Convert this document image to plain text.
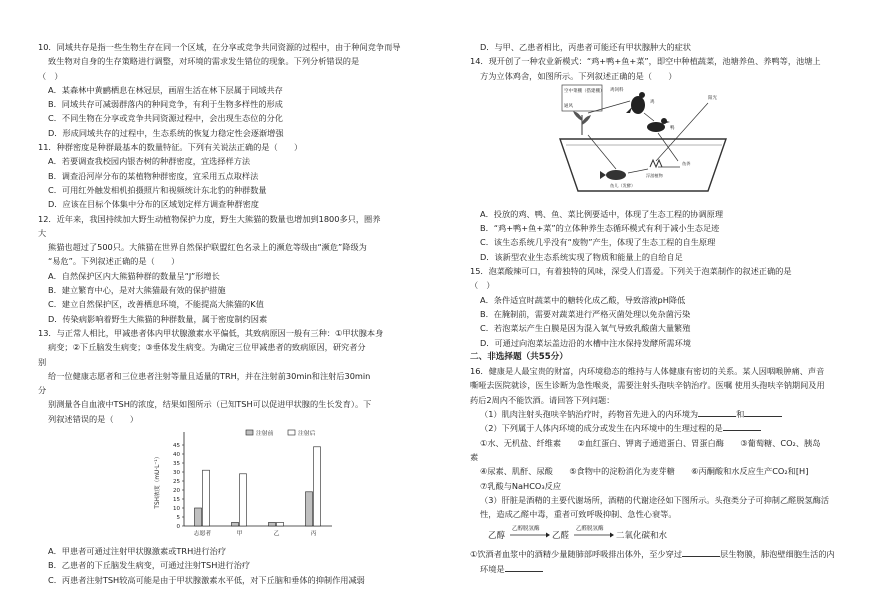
10．同域共存是指一些生物生存在同一个区域，在分享或竞争共同资源的过程中，由于种间竞争而导

致生物对自身的生存策略进行调整，对环境的需求发生错位的现象。下列分析错误的是

（　）

A．某森林中黄鹂栖息在林冠层，画眉生活在林下层属于同域共存

B．同域共存可减弱群落内的种间竞争，有利于生物多样性的形成

C．不同生物在分享或竞争共同资源过程中，会出现生态位的分化

D．形成同域共存的过程中，生态系统的恢复力稳定性会逐渐增强

11．种群密度是种群最基本的数量特征。下列有关说法正确的是（　　）

A．若要调查我校园内银杏树的种群密度，宜选择样方法

B．调查沿河岸分布的某植物种群密度，宜采用五点取样法

C．可用红外触发相机拍摄照片和视频统计东北豹的种群数量

D．应该在目标个体集中分布的区域划定样方调查种群密度

12．近年来，我国持续加大野生动植物保护力度，野生大熊猫的数量也增加到1800多只，圈养

大

熊猫也超过了500只。大熊猫在世界自然保护联盟红色名录上的濒危等级由“濒危”降级为

“易危”。下列叙述正确的是（　　）

A．自然保护区内大熊猫种群的数量呈“J”形增长

B．建立繁育中心，是对大熊猫最有效的保护措施

C．建立自然保护区，改善栖息环境，不能提高大熊猫的K值

D．传染病影响着野生大熊猫的种群数量，属于密度制约因素

13．与正常人相比，甲减患者体内甲状腺激素水平偏低，其致病原因一般有三种：①甲状腺本身

病变；②下丘脑发生病变；③垂体发生病变。为确定三位甲减患者的致病原因，研究者分

别

给一位健康志愿者和三位患者注射等量且适量的TRH，并在注射前30min和注射后30min

分

别测量各自血液中TSH的浓度，结果如图所示（已知TSH可以促进甲状腺的生长发育）。下

列叙述错误的是（　　）

0
5
10
15
20
25
30
35
40
45
TSH浓度（mU·L⁻¹）
志愿者	甲	乙	丙
注射前	注射后

A．甲患者可通过注射甲状腺激素或TRH进行治疗

B．乙患者的下丘脑发生病变，可通过注射TSH进行治疗

C．丙患者注射TSH较高可能是由于甲状腺激素水平低，对下丘脑和垂体的抑制作用减弱

D．与甲、乙患者相比，丙患者可能还有甲状腺肿大的症状

14．现开创了一种农业新模式：“鸡+鸭+鱼+菜”，即空中种植蔬菜，池塘养鱼、养鸭等，池塘上

方为立体鸡舍，如图所示。下列叙述正确的是（　　）

空中菜棚（搭建棚）
通风
鸡饲料
阳光
鸡
鸭
鱼儿（发酵）
浮游植物
鱼粪

A．投放的鸡、鸭、鱼、菜比例要适中，体现了生态工程的协调原理

B．“鸡+鸭+鱼+菜”的立体种养生态循环模式有利于减小生态足迹

C．该生态系统几乎没有“废物”产生，体现了生态工程的自生原理

D．该新型农业生态系统实现了物质和能量上的自给自足

15．泡菜酸辣可口，有着独特的风味，深受人们喜爱。下列关于泡菜制作的叙述正确的是

（　）

A．条件适宜时蔬菜中的糖转化成乙酸，导致溶液pH降低

B．在腌制前，需要对蔬菜进行严格灭菌处理以免杂菌污染

C．若泡菜坛产生白膜是因为混入氧气导致乳酸菌大量繁殖

D．可通过向泡菜坛盖边沿的水槽中注水保持发酵所需环境

二、非选择题（共55分）

16．健康是人最宝贵的财富，内环境稳态的维持与人体健康有密切的关系。某人因咽喉肿痛、声音

嘶哑去医院就诊，医生诊断为急性喉炎，需要注射头孢呋辛钠治疗。医嘱 使用头孢呋辛钠期间及用

药后2周内不能饮酒。请回答下列问题：

（1）肌肉注射头孢呋辛钠治疗时，药物首先进入的内环境为	和

（2）下列属于人体内环境的成分或发生在内环境中的生理过程的是

①水、无机盐、纤维素　　②血红蛋白、钾离子通道蛋白、胃蛋白酶　　③葡萄糖、CO₂、胰岛

素

④尿素、肌酐、尿酸　　⑤食物中的淀粉消化为麦芽糖　　⑥丙酮酸和水反应生产CO₂和[H]

⑦乳酸与NaHCO₃反应

（3）肝脏是酒精的主要代谢场所，酒精的代谢途径如下图所示。头孢类分子可抑制乙醛脱氢酶活

性，造成乙醛中毒，重者可致呼吸抑制、急性心衰等。

乙醇
乙醇脱氢酶
乙醛
乙醛脱氢酶
二氧化碳和水

①饮酒者血浆中的酒精少量随肺部呼吸排出体外，至少穿过	层生物膜，肺泡壁细胞生活的内

环境是
